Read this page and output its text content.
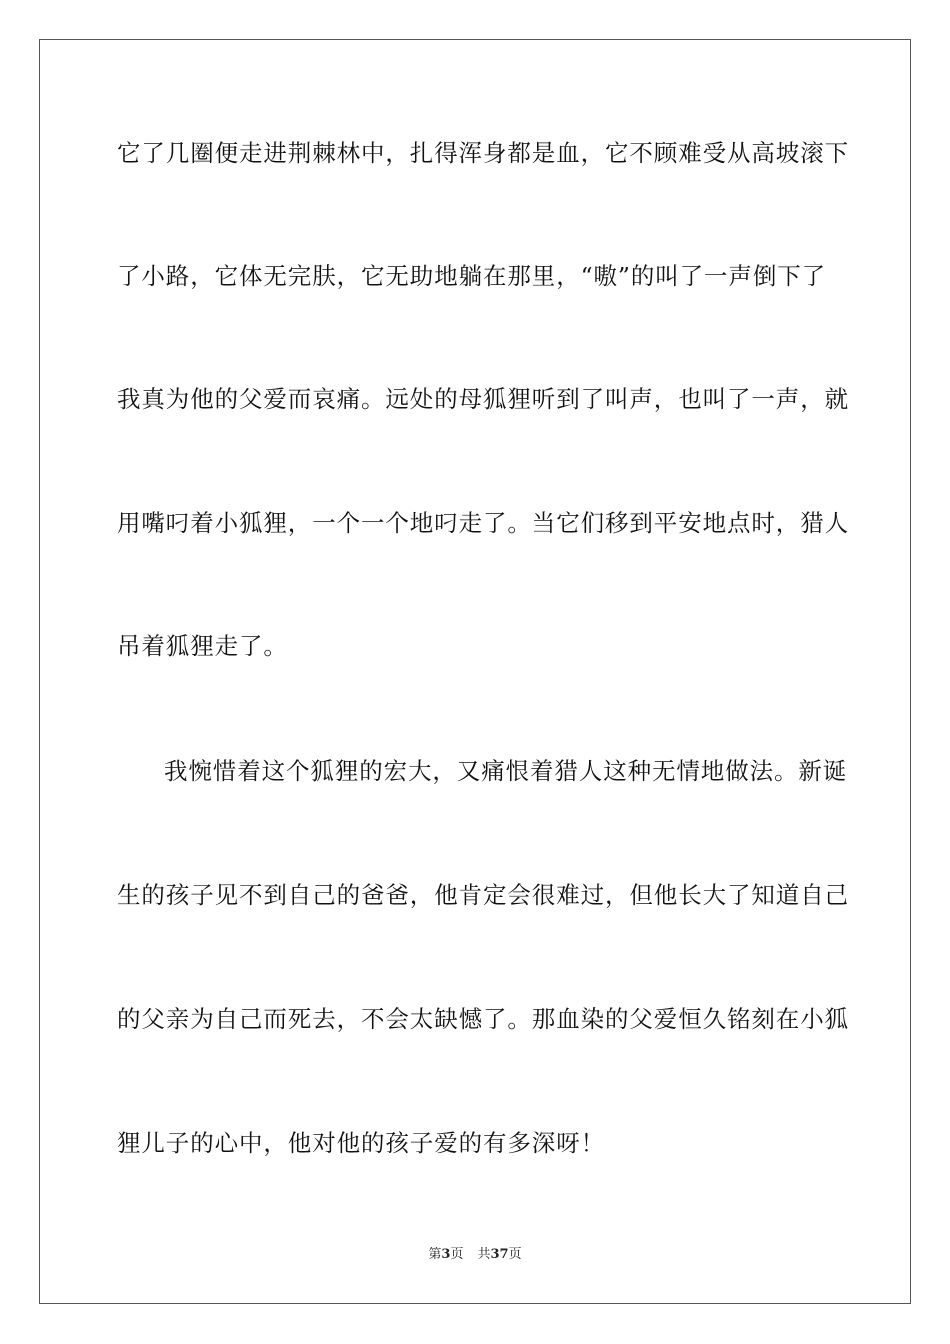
它了几圈便走进荆棘林中，扎得浑身都是血，它不顾难受从高坡滚下
了小路，它体无完肤，它无助地躺在那里，“嗷”的叫了一声倒下了
我真为他的父爱而哀痛。远处的母狐狸听到了叫声，也叫了一声，就
用嘴叼着小狐狸，一个一个地叼走了。当它们移到平安地点时，猎人
吊着狐狸走了。
我惋惜着这个狐狸的宏大，又痛恨着猎人这种无情地做法。新诞
生的孩子见不到自己的爸爸，他肯定会很难过，但他长大了知道自己
的父亲为自己而死去，不会太缺憾了。那血染的父爱恒久铭刻在小狐
狸儿子的心中，他对他的孩子爱的有多深呀！
第3页 共37页
